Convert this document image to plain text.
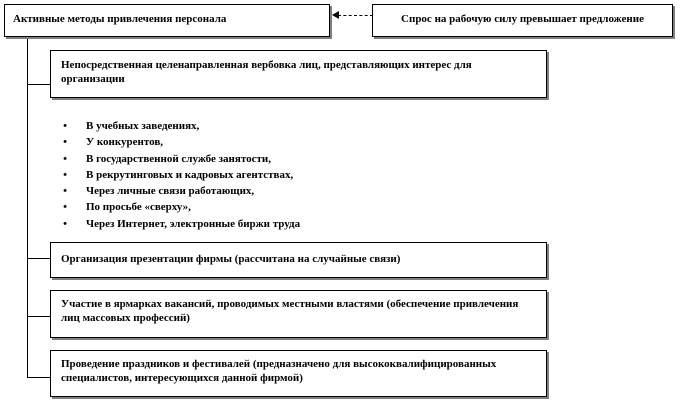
Активные методы привлечения персонала	Спрос на рабочую силу превышает предложение
Непосредственная целенаправленная вербовка лиц, представляющих интерес для организации
• В учебных заведениях,
• У конкурентов,
• В государственной службе занятости,
• В рекрутинговых и кадровых агентствах,
• Через личные связи работающих,
• По просьбе «сверху»,
• Через Интернет, электронные биржи труда
Организация презентации фирмы (рассчитана на случайные связи)
Участие в ярмарках вакансий, проводимых местными властями (обеспечение привлечения лиц массовых профессий)
Проведение праздников и фестивалей (предназначено для высококвалифицированных специалистов, интересующихся данной фирмой)
